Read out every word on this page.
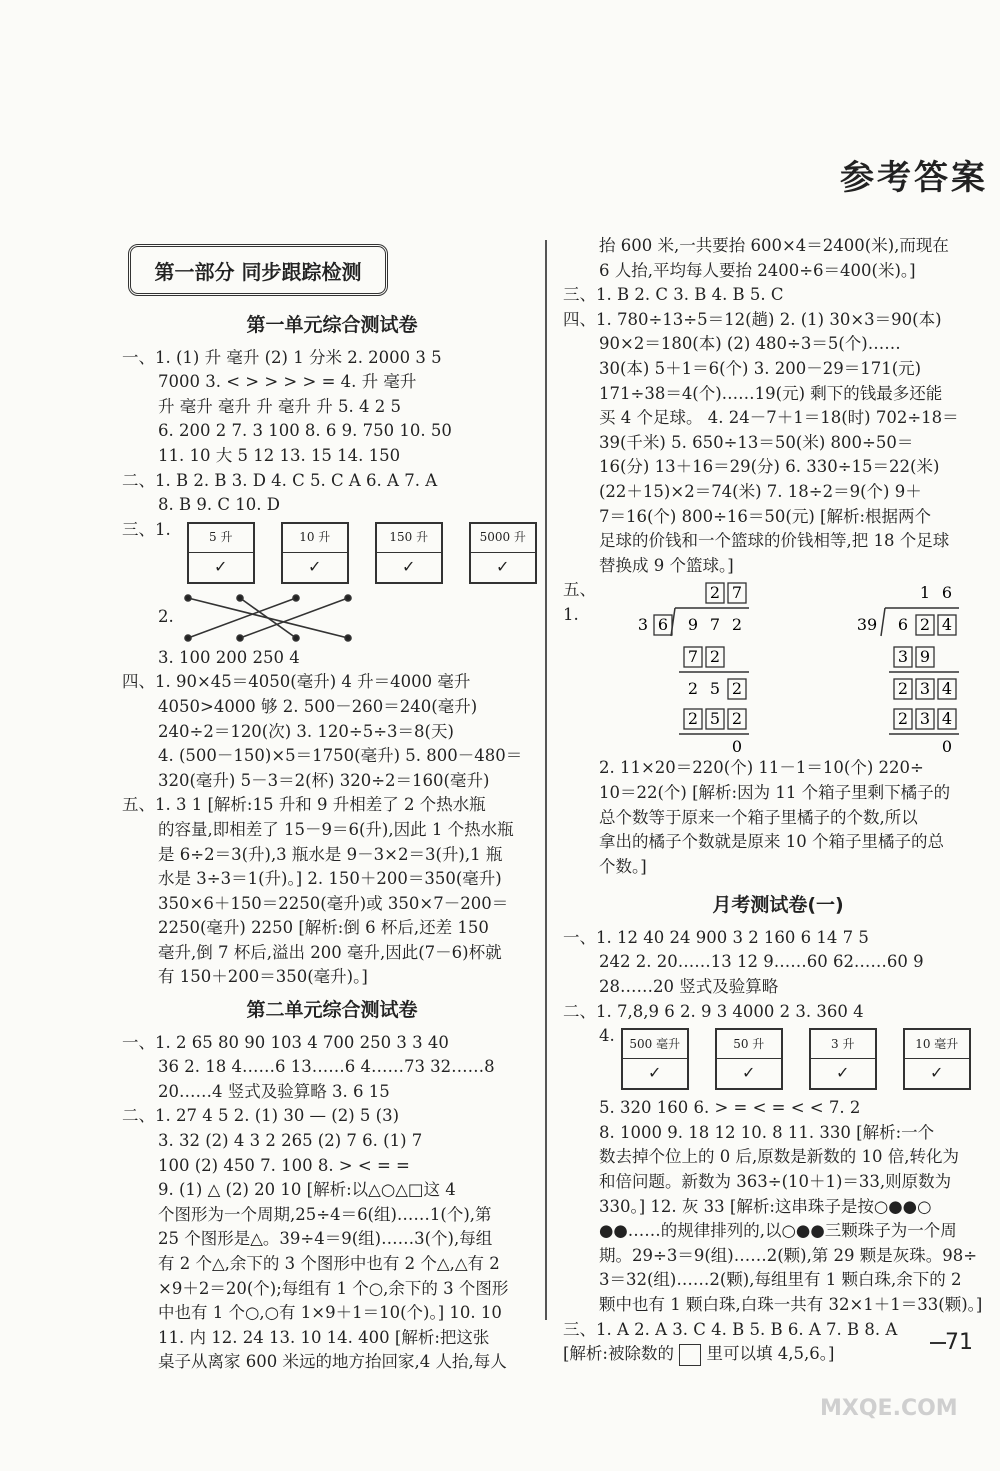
参考答案
第一部分 同步跟踪检测
第一单元综合测试卷
一、1. (1) 升 毫升 (2) 1 分米 2. 2000 3 5
7000 3. < > > > > = 4. 升 毫升
升 毫升 毫升 升 毫升 升 5. 4 2 5
6. 200 2 7. 3 100 8. 6 9. 750 10. 50
11. 10 大 5 12 13. 15 14. 150
二、1. B 2. B 3. D 4. C 5. C A 6. A 7. A
8. B 9. C 10. D
三、1.	5 升
✓
10 升
✓
150 升
✓
5000 升
✓
2.
3. 100 200 250 4
四、1. 90×45＝4050(毫升) 4 升＝4000 毫升
4050>4000 够 2. 500－260＝240(毫升)
240÷2＝120(次) 3. 120÷5÷3＝8(天)
4. (500－150)×5＝1750(毫升) 5. 800－480＝
320(毫升) 5－3＝2(杯) 320÷2＝160(毫升)
五、1. 3 1 [解析:15 升和 9 升相差了 2 个热水瓶
的容量,即相差了 15－9＝6(升),因此 1 个热水瓶
是 6÷2＝3(升),3 瓶水是 9－3×2＝3(升),1 瓶
水是 3÷3＝1(升)。] 2. 150＋200＝350(毫升)
350×6＋150＝2250(毫升)或 350×7－200＝
2250(毫升) 2250 [解析:倒 6 杯后,还差 150
毫升,倒 7 杯后,溢出 200 毫升,因此(7－6)杯就
有 150＋200＝350(毫升)。]
第二单元综合测试卷
一、1. 2 65 80 90 103 4 700 250 3 3 40
36 2. 18 4……6 13……6 4……73 32……8
20……4 竖式及验算略 3. 6 15
二、1. 27 4 5 2. (1) 30 — (2) 5 (3)
3. 32 (2) 4 3 2 265 (2) 7 6. (1) 7
100 (2) 450 7. 100 8. > < = =
9. (1) △ (2) 20 10 [解析:以△○△□这 4
个图形为一个周期,25÷4＝6(组)……1(个),第
25 个图形是△。39÷4＝9(组)……3(个),每组
有 2 个△,余下的 3 个图形中也有 2 个△,△有 2
×9＋2＝20(个);每组有 1 个○,余下的 3 个图形
中也有 1 个○,○有 1×9＋1＝10(个)。] 10. 10
11. 内 12. 24 13. 10 14. 400 [解析:把这张
桌子从离家 600 米远的地方抬回家,4 人抬,每人
抬 600 米,一共要抬 600×4＝2400(米),而现在
6 人抬,平均每人要抬 2400÷6＝400(米)。]
三、1. B 2. C 3. B 4. B 5. C
四、1. 780÷13÷5＝12(趟) 2. (1) 30×3＝90(本)
90×2＝180(本) (2) 480÷3＝5(个)……
30(本) 5＋1＝6(个) 3. 200－29＝171(元)
171÷38＝4(个)……19(元) 剩下的钱最多还能
买 4 个足球。 4. 24－7＋1＝18(时) 702÷18＝
39(千米) 5. 650÷13＝50(米) 800÷50＝
16(分) 13＋16＝29(分) 6. 330÷15＝22(米)
(22＋15)×2＝74(米) 7. 18÷2＝9(个) 9＋
7＝16(个) 800÷16＝50(元) [解析:根据两个
足球的价钱和一个篮球的价钱相等,把 18 个足球
替换成 9 个篮球。]
五、1.
2 7
3 6 9 7 2
7 2
2 5 2
2 5 2
0
1 6
39 6 2 4
3 9
2 3 4
2 3 4
0
2. 11×20＝220(个) 11－1＝10(个) 220÷
10＝22(个) [解析:因为 11 个箱子里剩下橘子的
总个数等于原来一个箱子里橘子的个数,所以
拿出的橘子个数就是原来 10 个箱子里橘子的总
个数。]
月考测试卷(一)
一、1. 12 40 24 900 3 2 160 6 14 7 5
242 2. 20……13 12 9……60 62……60 9
28……20 竖式及验算略
二、1. 7,8,9 6 2. 9 3 4000 2 3. 360 4
4.	500 毫升
✓
50 升
✓
3 升
✓
10 毫升
✓
5. 320 160 6. > = < = < < 7. 2
8. 1000 9. 18 12 10. 8 11. 330 [解析:一个
数去掉个位上的 0 后,原数是新数的 10 倍,转化为
和倍问题。新数为 363÷(10＋1)＝33,则原数为
330。] 12. 灰 33 [解析:这串珠子是按○●●○
●●……的规律排列的,以○●●三颗珠子为一个周
期。29÷3＝9(组)……2(颗),第 29 颗是灰珠。98÷
3＝32(组)……2(颗),每组里有 1 颗白珠,余下的 2
颗中也有 1 颗白珠,白珠一共有 32×1＋1＝33(颗)。]
三、1. A 2. A 3. C 4. B 5. B 6. A 7. B 8. A
[解析:被除数的 里可以填 4,5,6。]	71
MXQE.COM
